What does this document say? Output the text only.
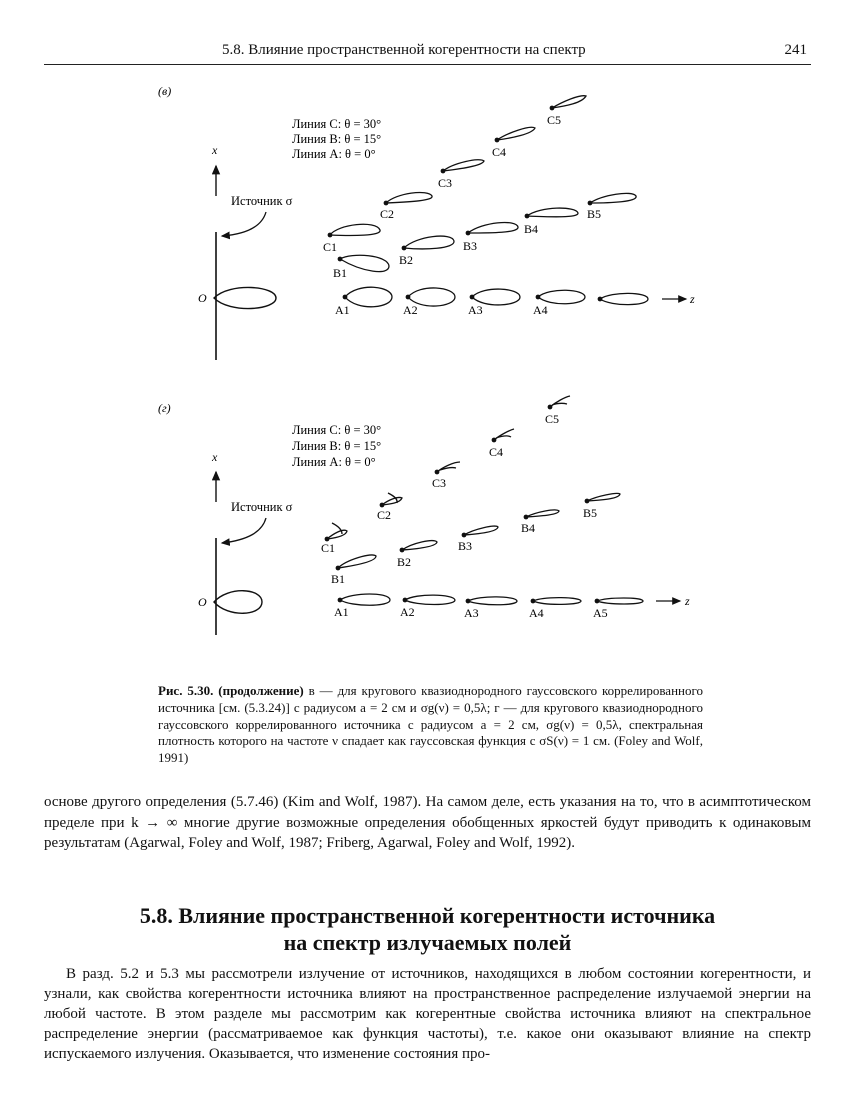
5.8. Влияние пространственной когерентности на спектр	241
(в)
Линия C: θ = 30°
Линия B: θ = 15°
Линия A: θ = 0°
x
Источник σ
O
A1	A2	A3	A4
z
B1
B2
B3
B4
B5
C1
C2
C3
C4
C5
(г)
Линия C: θ = 30°
Линия B: θ = 15°
Линия A: θ = 0°
x
Источник σ
O
A1	A2	A3	A4	A5
z
B1
B2
B3
B4
B5
C1
C2
C3
C4
C5
Рис. 5.30. (продолжение) в — для кругового квазиоднородного гауссовского коррелированного источника [см. (5.3.24)] с радиусом a = 2 см и σg(ν) = 0,5λ; г — для кругового квазиоднородного гауссовского коррелированного источника с радиусом a = 2 см, σg(ν) = 0,5λ, спектральная плотность которого на частоте ν спадает как гауссовская функция с σS(ν) = 1 см. (Foley and Wolf, 1991)
основе другого определения (5.7.46) (Kim and Wolf, 1987). На самом деле, есть указания на то, что в асимптотическом пределе при k → ∞ многие другие возможные определения обобщенных яркостей будут приводить к одинаковым результатам (Agarwal, Foley and Wolf, 1987; Friberg, Agarwal, Foley and Wolf, 1992).
5.8. Влияние пространственной когерентности источника
на спектр излучаемых полей
В разд. 5.2 и 5.3 мы рассмотрели излучение от источников, находящихся в любом состоянии когерентности, и узнали, как свойства когерентности источника влияют на пространственное распределение излучаемой энергии на любой частоте. В этом разделе мы рассмотрим как когерентные свойства источника влияют на спектральное распределение энергии (рассматриваемое как функция частоты), т.е. какое они оказывают влияние на спектр испускаемого излучения. Оказывается, что изменение состояния про-
